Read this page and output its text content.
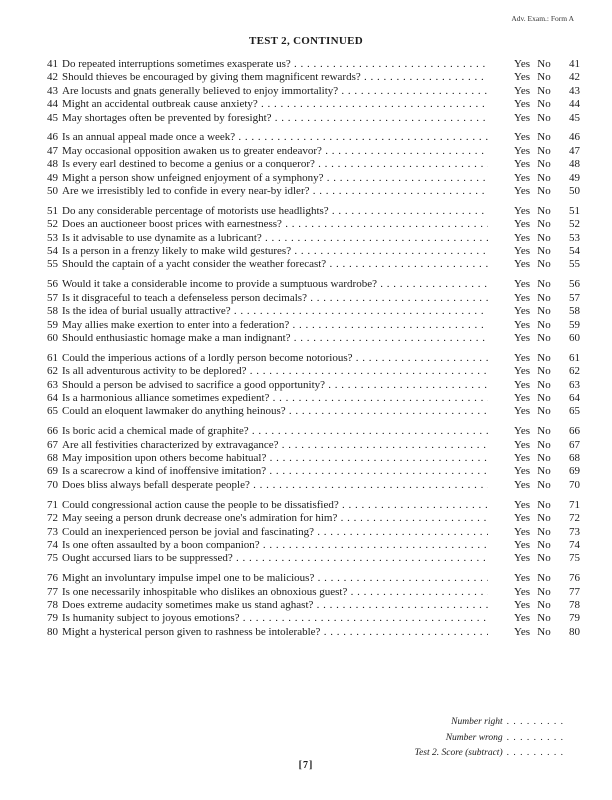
Adv. Exam.: Form A
TEST 2, CONTINUED
41 Do repeated interruptions sometimes exasperate us? . . .	Yes No	41
42 Should thieves be encouraged by giving them magnificent rewards? . . .	Yes No	42
43 Are locusts and gnats generally believed to enjoy immortality? . . .	Yes No	43
44 Might an accidental outbreak cause anxiety? . . .	Yes No	44
45 May shortages often be prevented by foresight? . . .	Yes No	45
46 Is an annual appeal made once a week? . . .	Yes No	46
47 May occasional opposition awaken us to greater endeavor? . . .	Yes No	47
48 Is every earl destined to become a genius or a conqueror? . . .	Yes No	48
49 Might a person show unfeigned enjoyment of a symphony? . . .	Yes No	49
50 Are we irresistibly led to confide in every near-by idler? . . .	Yes No	50
51 Do any considerable percentage of motorists use headlights? . . .	Yes No	51
52 Does an auctioneer boost prices with earnestness? . . .	Yes No	52
53 Is it advisable to use dynamite as a lubricant? . . .	Yes No	53
54 Is a person in a frenzy likely to make wild gestures? . . .	Yes No	54
55 Should the captain of a yacht consider the weather forecast? . . .	Yes No	55
56 Would it take a considerable income to provide a sumptuous wardrobe? . . .	Yes No	56
57 Is it disgraceful to teach a defenseless person decimals? . . .	Yes No	57
58 Is the idea of burial usually attractive? . . .	Yes No	58
59 May allies make exertion to enter into a federation? . . .	Yes No	59
60 Should enthusiastic homage make a man indignant? . . .	Yes No	60
61 Could the imperious actions of a lordly person become notorious? . . .	Yes No	61
62 Is all adventurous activity to be deplored? . . .	Yes No	62
63 Should a person be advised to sacrifice a good opportunity? . . .	Yes No	63
64 Is a harmonious alliance sometimes expedient? . . .	Yes No	64
65 Could an eloquent lawmaker do anything heinous? . . .	Yes No	65
66 Is boric acid a chemical made of graphite? . . .	Yes No	66
67 Are all festivities characterized by extravagance? . . .	Yes No	67
68 May imposition upon others become habitual? . . .	Yes No	68
69 Is a scarecrow a kind of inoffensive imitation? . . .	Yes No	69
70 Does bliss always befall desperate people? . . .	Yes No	70
71 Could congressional action cause the people to be dissatisfied? . . .	Yes No	71
72 May seeing a person drunk decrease one's admiration for him? . . .	Yes No	72
73 Could an inexperienced person be jovial and fascinating? . . .	Yes No	73
74 Is one often assaulted by a boon companion? . . .	Yes No	74
75 Ought accursed liars to be suppressed? . . .	Yes No	75
76 Might an involuntary impulse impel one to be malicious? . . .	Yes No	76
77 Is one necessarily inhospitable who dislikes an obnoxious guest? . . .	Yes No	77
78 Does extreme audacity sometimes make us stand aghast? . . .	Yes No	78
79 Is humanity subject to joyous emotions? . . .	Yes No	79
80 Might a hysterical person given to rashness be intolerable? . . .	Yes No	80
Number right . . . . . . . . .
Number wrong . . . . . . . . .
Test 2. Score (subtract) . . . . . . . . .
[7]
